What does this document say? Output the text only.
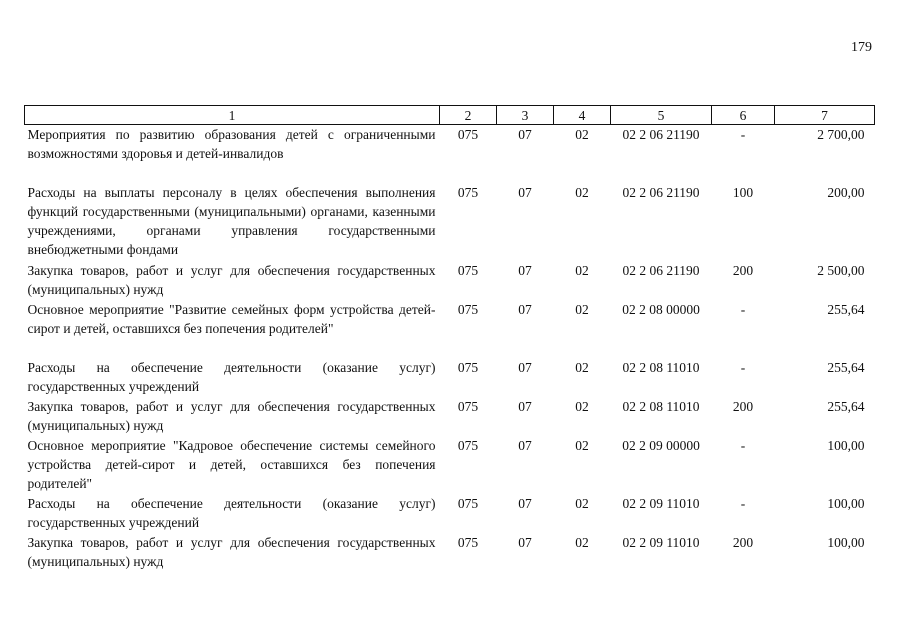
179
1	2	3	4	5	6	7
Мероприятия по развитию образования детей с ограниченными возможностями здоровья и детей-инвалидов	075	07	02	02 2 06 21190	-	2 700,00
Расходы на выплаты персоналу в целях обеспечения выполнения функций государственными (муниципальными) органами, казенными учреждениями, органами управления государственными внебюджетными фондами	075	07	02	02 2 06 21190	100	200,00
Закупка товаров, работ и услуг для обеспечения государственных (муниципальных) нужд	075	07	02	02 2 06 21190	200	2 500,00
Основное мероприятие "Развитие семейных форм устройства детей-сирот и детей, оставшихся без попечения родителей"	075	07	02	02 2 08 00000	-	255,64
Расходы на обеспечение деятельности (оказание услуг) государственных учреждений	075	07	02	02 2 08 11010	-	255,64
Закупка товаров, работ и услуг для обеспечения государственных (муниципальных) нужд	075	07	02	02 2 08 11010	200	255,64
Основное мероприятие "Кадровое обеспечение системы семейного устройства детей-сирот и детей, оставшихся без попечения родителей"	075	07	02	02 2 09 00000	-	100,00
Расходы на обеспечение деятельности (оказание услуг) государственных учреждений	075	07	02	02 2 09 11010	-	100,00
Закупка товаров, работ и услуг для обеспечения государственных (муниципальных) нужд	075	07	02	02 2 09 11010	200	100,00
